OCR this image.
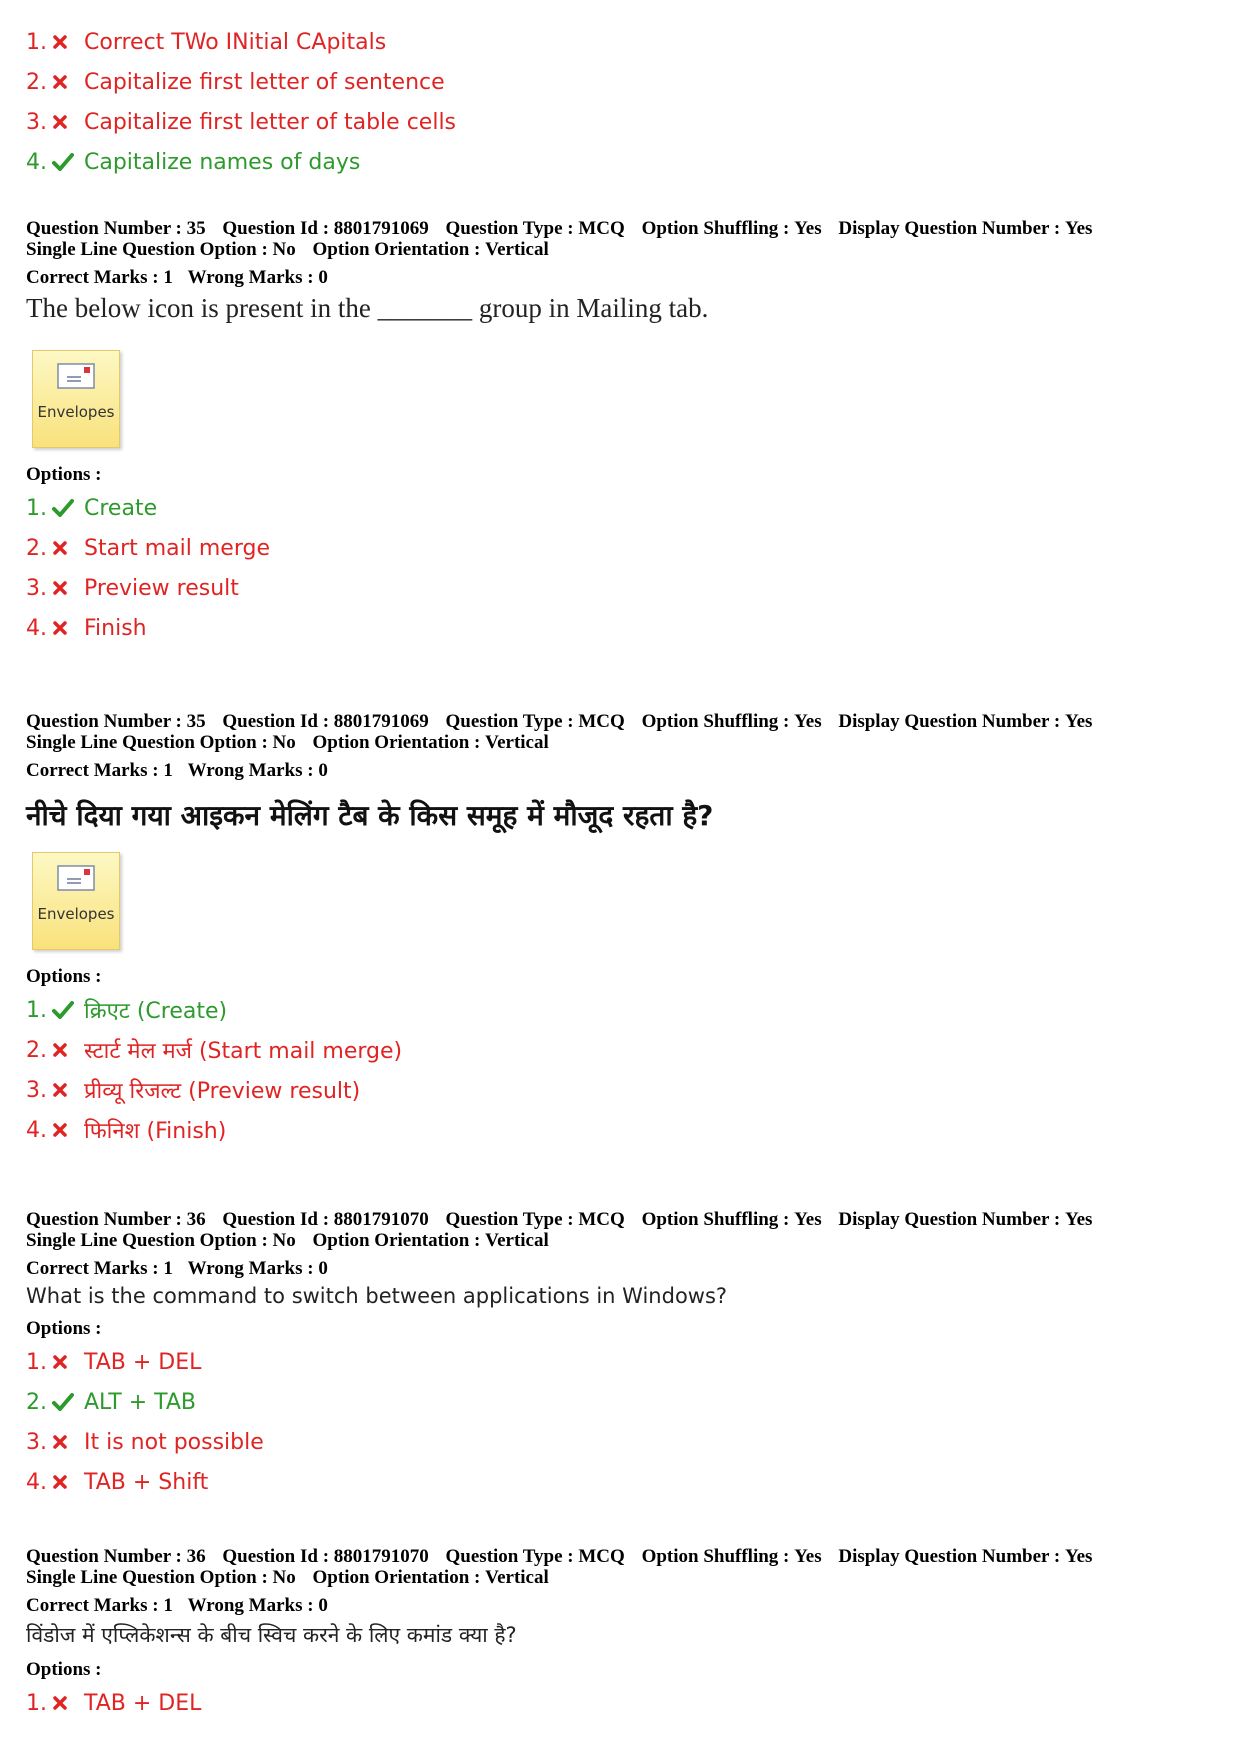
1. Correct TWo INitial CApitals
2. Capitalize first letter of sentence
3. Capitalize first letter of table cells
4. Capitalize names of days
Question Number : 35 Question Id : 8801791069 Question Type : MCQ Option Shuffling : Yes Display Question Number : Yes
Single Line Question Option : No Option Orientation : Vertical
Correct Marks : 1 Wrong Marks : 0
The below icon is present in the _______ group in Mailing tab.
Envelopes
Options :
1. Create
2. Start mail merge
3. Preview result
4. Finish
Question Number : 35 Question Id : 8801791069 Question Type : MCQ Option Shuffling : Yes Display Question Number : Yes
Single Line Question Option : No Option Orientation : Vertical
Correct Marks : 1 Wrong Marks : 0
नीचे दिया गया आइकन मेलिंग टैब के किस समूह में मौजूद रहता है?
Envelopes
Options :
1. क्रिएट (Create)
2. स्टार्ट मेल मर्ज (Start mail merge)
3. प्रीव्यू रिजल्ट (Preview result)
4. फिनिश (Finish)
Question Number : 36 Question Id : 8801791070 Question Type : MCQ Option Shuffling : Yes Display Question Number : Yes
Single Line Question Option : No Option Orientation : Vertical
Correct Marks : 1 Wrong Marks : 0
What is the command to switch between applications in Windows?
Options :
1. TAB + DEL
2. ALT + TAB
3. It is not possible
4. TAB + Shift
Question Number : 36 Question Id : 8801791070 Question Type : MCQ Option Shuffling : Yes Display Question Number : Yes
Single Line Question Option : No Option Orientation : Vertical
Correct Marks : 1 Wrong Marks : 0
विंडोज में एप्लिकेशन्स के बीच स्विच करने के लिए कमांड क्या है?
Options :
1. TAB + DEL
